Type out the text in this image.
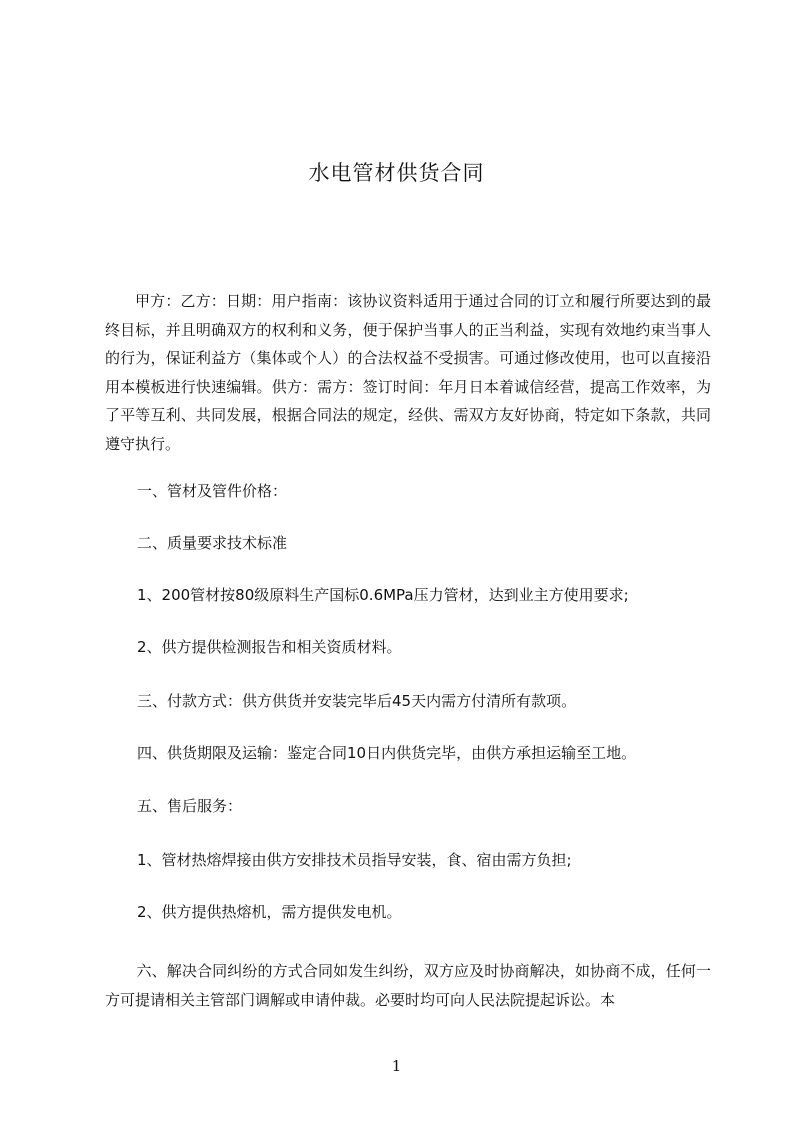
水电管材供货合同

甲方：乙方：日期：用户指南：该协议资料适用于通过合同的订立和履行所要达到的最终目标，并且明确双方的权利和义务，便于保护当事人的正当利益，实现有效地约束当事人的行为，保证利益方（集体或个人）的合法权益不受损害。可通过修改使用，也可以直接沿用本模板进行快速编辑。供方：需方：签订时间：年月日本着诚信经营，提高工作效率，为了平等互利、共同发展，根据合同法的规定，经供、需双方友好协商，特定如下条款，共同遵守执行。

一、管材及管件价格：

二、质量要求技术标准

1、200管材按80级原料生产国标0.6MPa压力管材，达到业主方使用要求;

2、供方提供检测报告和相关资质材料。

三、付款方式：供方供货并安装完毕后45天内需方付清所有款项。

四、供货期限及运输：鉴定合同10日内供货完毕，由供方承担运输至工地。

五、售后服务：

1、管材热熔焊接由供方安排技术员指导安装，食、宿由需方负担;

2、供方提供热熔机，需方提供发电机。

六、解决合同纠纷的方式合同如发生纠纷，双方应及时协商解决，如协商不成，任何一方可提请相关主管部门调解或申请仲裁。必要时均可向人民法院提起诉讼。本

1
